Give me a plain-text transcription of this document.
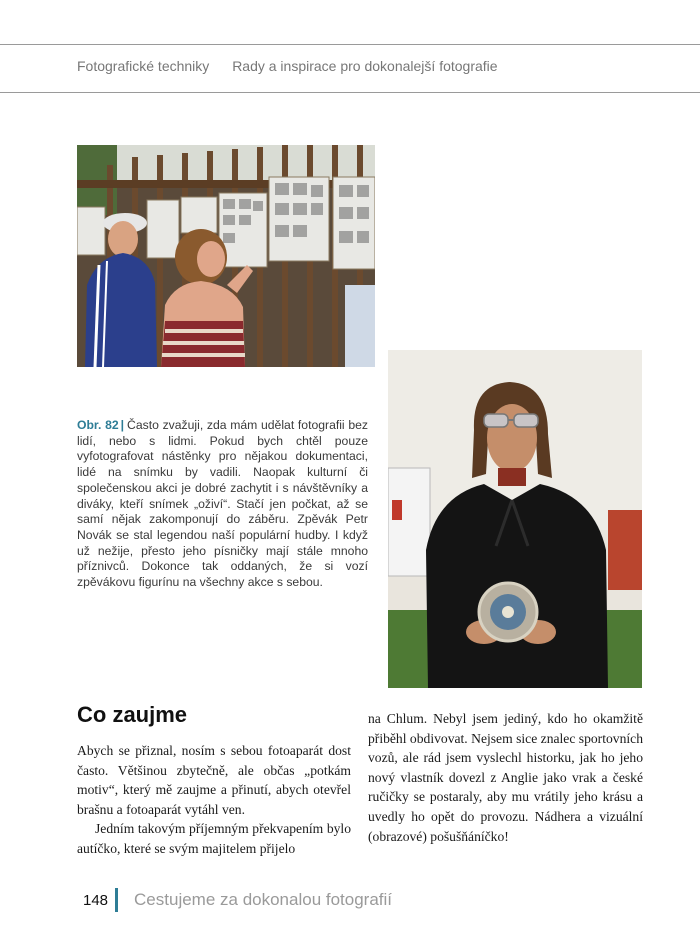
Fotografické techniky Rady a inspirace pro dokonalejší fotografie
Obr. 82 | Často zvažuji, zda mám udělat fotografii bez lidí, nebo s lidmi. Pokud bych chtěl pouze vyfotografovat nástěnky pro nějakou dokumentaci, lidé na snímku by vadili. Naopak kulturní či společenskou akci je dobré zachytit i s návštěvníky a diváky, kteří snímek „oživí“. Stačí jen počkat, až se samí nějak zakomponují do záběru. Zpěvák Petr Novák se stal legendou naší populární hudby. I když už nežije, přesto jeho písničky mají stále mnoho příznivců. Dokonce tak oddaných, že si vozí zpěvákovu figurínu na všechny akce s sebou.
Co zaujme

Abych se přiznal, nosím s sebou fotoaparát dost často. Většinou zbytečně, ale občas „potkám motiv“, který mě zaujme a přinutí, abych otevřel brašnu a fotoaparát vytáhl ven.

Jedním takovým příjemným překvapením bylo autíčko, které se svým majitelem přijelo

na Chlum. Nebyl jsem jediný, kdo ho okamžitě přiběhl obdivovat. Nejsem sice znalec sportovních vozů, ale rád jsem vyslechl historku, jak ho jeho nový vlastník dovezl z Anglie jako vrak a české ručičky se postaraly, aby mu vrátily jeho krásu a uvedly ho opět do provozu. Nádhera a vizuální (obrazové) pošušňáníčko!

148 Cestujeme za dokonalou fotografií
